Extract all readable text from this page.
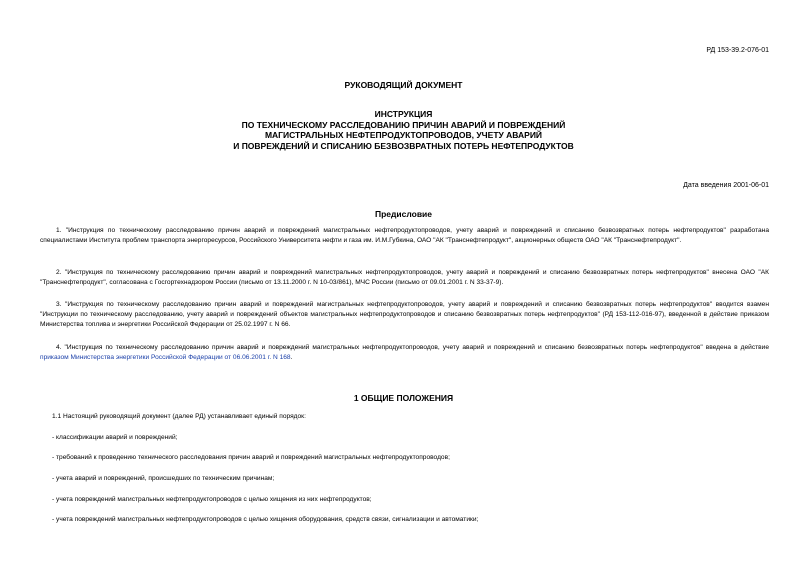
РД 153-39.2-076-01
РУКОВОДЯЩИЙ ДОКУМЕНТ
ИНСТРУКЦИЯ
ПО ТЕХНИЧЕСКОМУ РАССЛЕДОВАНИЮ ПРИЧИН АВАРИЙ И ПОВРЕЖДЕНИЙ
МАГИСТРАЛЬНЫХ НЕФТЕПРОДУКТОПРОВОДОВ, УЧЕТУ АВАРИЙ
И ПОВРЕЖДЕНИЙ И СПИСАНИЮ БЕЗВОЗВРАТНЫХ ПОТЕРЬ НЕФТЕПРОДУКТОВ
Дата введения 2001-06-01
Предисловие
1. "Инструкция по техническому расследованию причин аварий и повреждений магистральных нефтепродуктопроводов, учету аварий и повреждений и списанию безвозвратных потерь нефтепродуктов" разработана специалистами Института проблем транспорта энергоресурсов, Российского Университета нефти и газа им. И.М.Губкина, ОАО "АК "Транснефтепродукт", акционерных обществ ОАО "АК "Транснефтепродукт".
2. "Инструкция по техническому расследованию причин аварий и повреждений магистральных нефтепродуктопроводов, учету аварий и повреждений и списанию безвозвратных потерь нефтепродуктов" внесена ОАО "АК "Транснефтепродукт", согласована с Госгортехнадзором России (письмо от 13.11.2000 г. N 10-03/861), МЧС России (письмо от 09.01.2001 г. N 33-37-9).
3. "Инструкция по техническому расследованию причин аварий и повреждений магистральных нефтепродуктопроводов, учету аварий и повреждений и списанию безвозвратных потерь нефтепродуктов" вводится взамен "Инструкции по техническому расследованию, учету аварий и повреждений объектов магистральных нефтепродуктопроводов и списанию безвозвратных потерь нефтепродуктов" (РД 153-112-016-97), введенной в действие приказом Министерства топлива и энергетики Российской Федерации от 25.02.1997 г. N 66.
4. "Инструкция по техническому расследованию причин аварий и повреждений магистральных нефтепродуктопроводов, учету аварий и повреждений и списанию безвозвратных потерь нефтепродуктов" введена в действие приказом Министерства энергетики Российской Федерации от 06.06.2001 г. N 168.
1 ОБЩИЕ ПОЛОЖЕНИЯ
1.1 Настоящий руководящий документ (далее РД) устанавливает единый порядок:
- классификации аварий и повреждений;
- требований к проведению технического расследования причин аварий и повреждений магистральных нефтепродуктопроводов;
- учета аварий и повреждений, происшедших по техническим причинам;
- учета повреждений магистральных нефтепродуктопроводов с целью хищения из них нефтепродуктов;
- учета повреждений магистральных нефтепродуктопроводов с целью хищения оборудования, средств связи, сигнализации и автоматики;
